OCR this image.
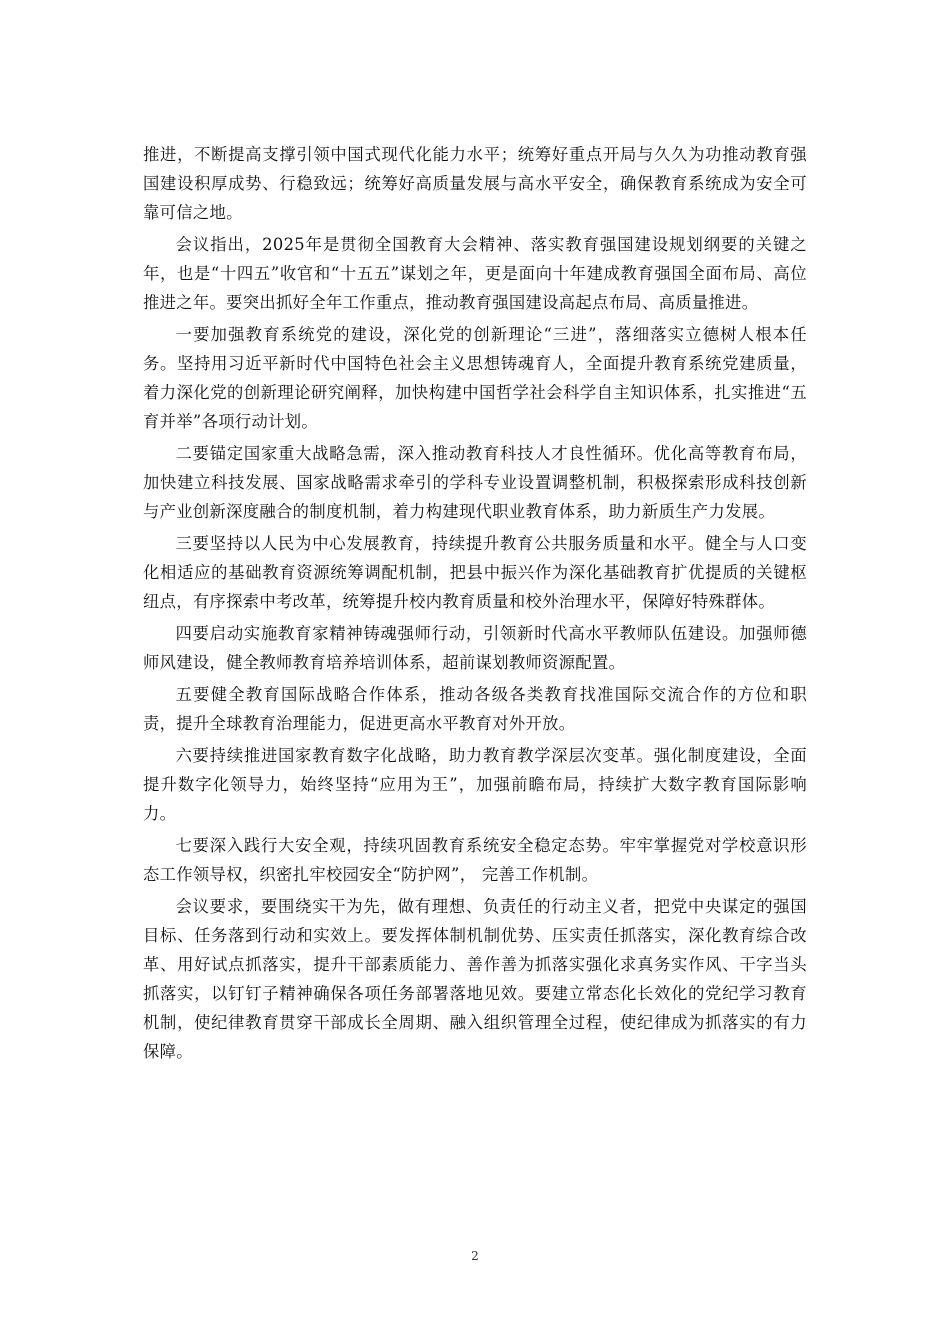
推进，不断提高支撑引领中国式现代化能力水平；统筹好重点开局与久久为功推动教育强国建设积厚成势、行稳致远；统筹好高质量发展与高水平安全，确保教育系统成为安全可靠可信之地。

会议指出，2025年是贯彻全国教育大会精神、落实教育强国建设规划纲要的关键之年，也是“十四五”收官和“十五五”谋划之年，更是面向十年建成教育强国全面布局、高位推进之年。要突出抓好全年工作重点，推动教育强国建设高起点布局、高质量推进。

一要加强教育系统党的建设，深化党的创新理论“三进”，落细落实立德树人根本任务。坚持用习近平新时代中国特色社会主义思想铸魂育人，全面提升教育系统党建质量，着力深化党的创新理论研究阐释，加快构建中国哲学社会科学自主知识体系，扎实推进“五育并举”各项行动计划。

二要锚定国家重大战略急需，深入推动教育科技人才良性循环。优化高等教育布局，加快建立科技发展、国家战略需求牵引的学科专业设置调整机制，积极探索形成科技创新与产业创新深度融合的制度机制，着力构建现代职业教育体系，助力新质生产力发展。

三要坚持以人民为中心发展教育，持续提升教育公共服务质量和水平。健全与人口变化相适应的基础教育资源统筹调配机制，把县中振兴作为深化基础教育扩优提质的关键枢纽点，有序探索中考改革，统筹提升校内教育质量和校外治理水平，保障好特殊群体。

四要启动实施教育家精神铸魂强师行动，引领新时代高水平教师队伍建设。加强师德师风建设，健全教师教育培养培训体系，超前谋划教师资源配置。

五要健全教育国际战略合作体系，推动各级各类教育找准国际交流合作的方位和职责，提升全球教育治理能力，促进更高水平教育对外开放。

六要持续推进国家教育数字化战略，助力教育教学深层次变革。强化制度建设，全面提升数字化领导力，始终坚持“应用为王”，加强前瞻布局，持续扩大数字教育国际影响力。

七要深入践行大安全观，持续巩固教育系统安全稳定态势。牢牢掌握党对学校意识形态工作领导权，织密扎牢校园安全“防护网”， 完善工作机制。

会议要求，要围绕实干为先，做有理想、负责任的行动主义者，把党中央谋定的强国目标、任务落到行动和实效上。要发挥体制机制优势、压实责任抓落实，深化教育综合改革、用好试点抓落实，提升干部素质能力、善作善为抓落实强化求真务实作风、干字当头抓落实，以钉钉子精神确保各项任务部署落地见效。要建立常态化长效化的党纪学习教育机制，使纪律教育贯穿干部成长全周期、融入组织管理全过程，使纪律成为抓落实的有力保障。

2
